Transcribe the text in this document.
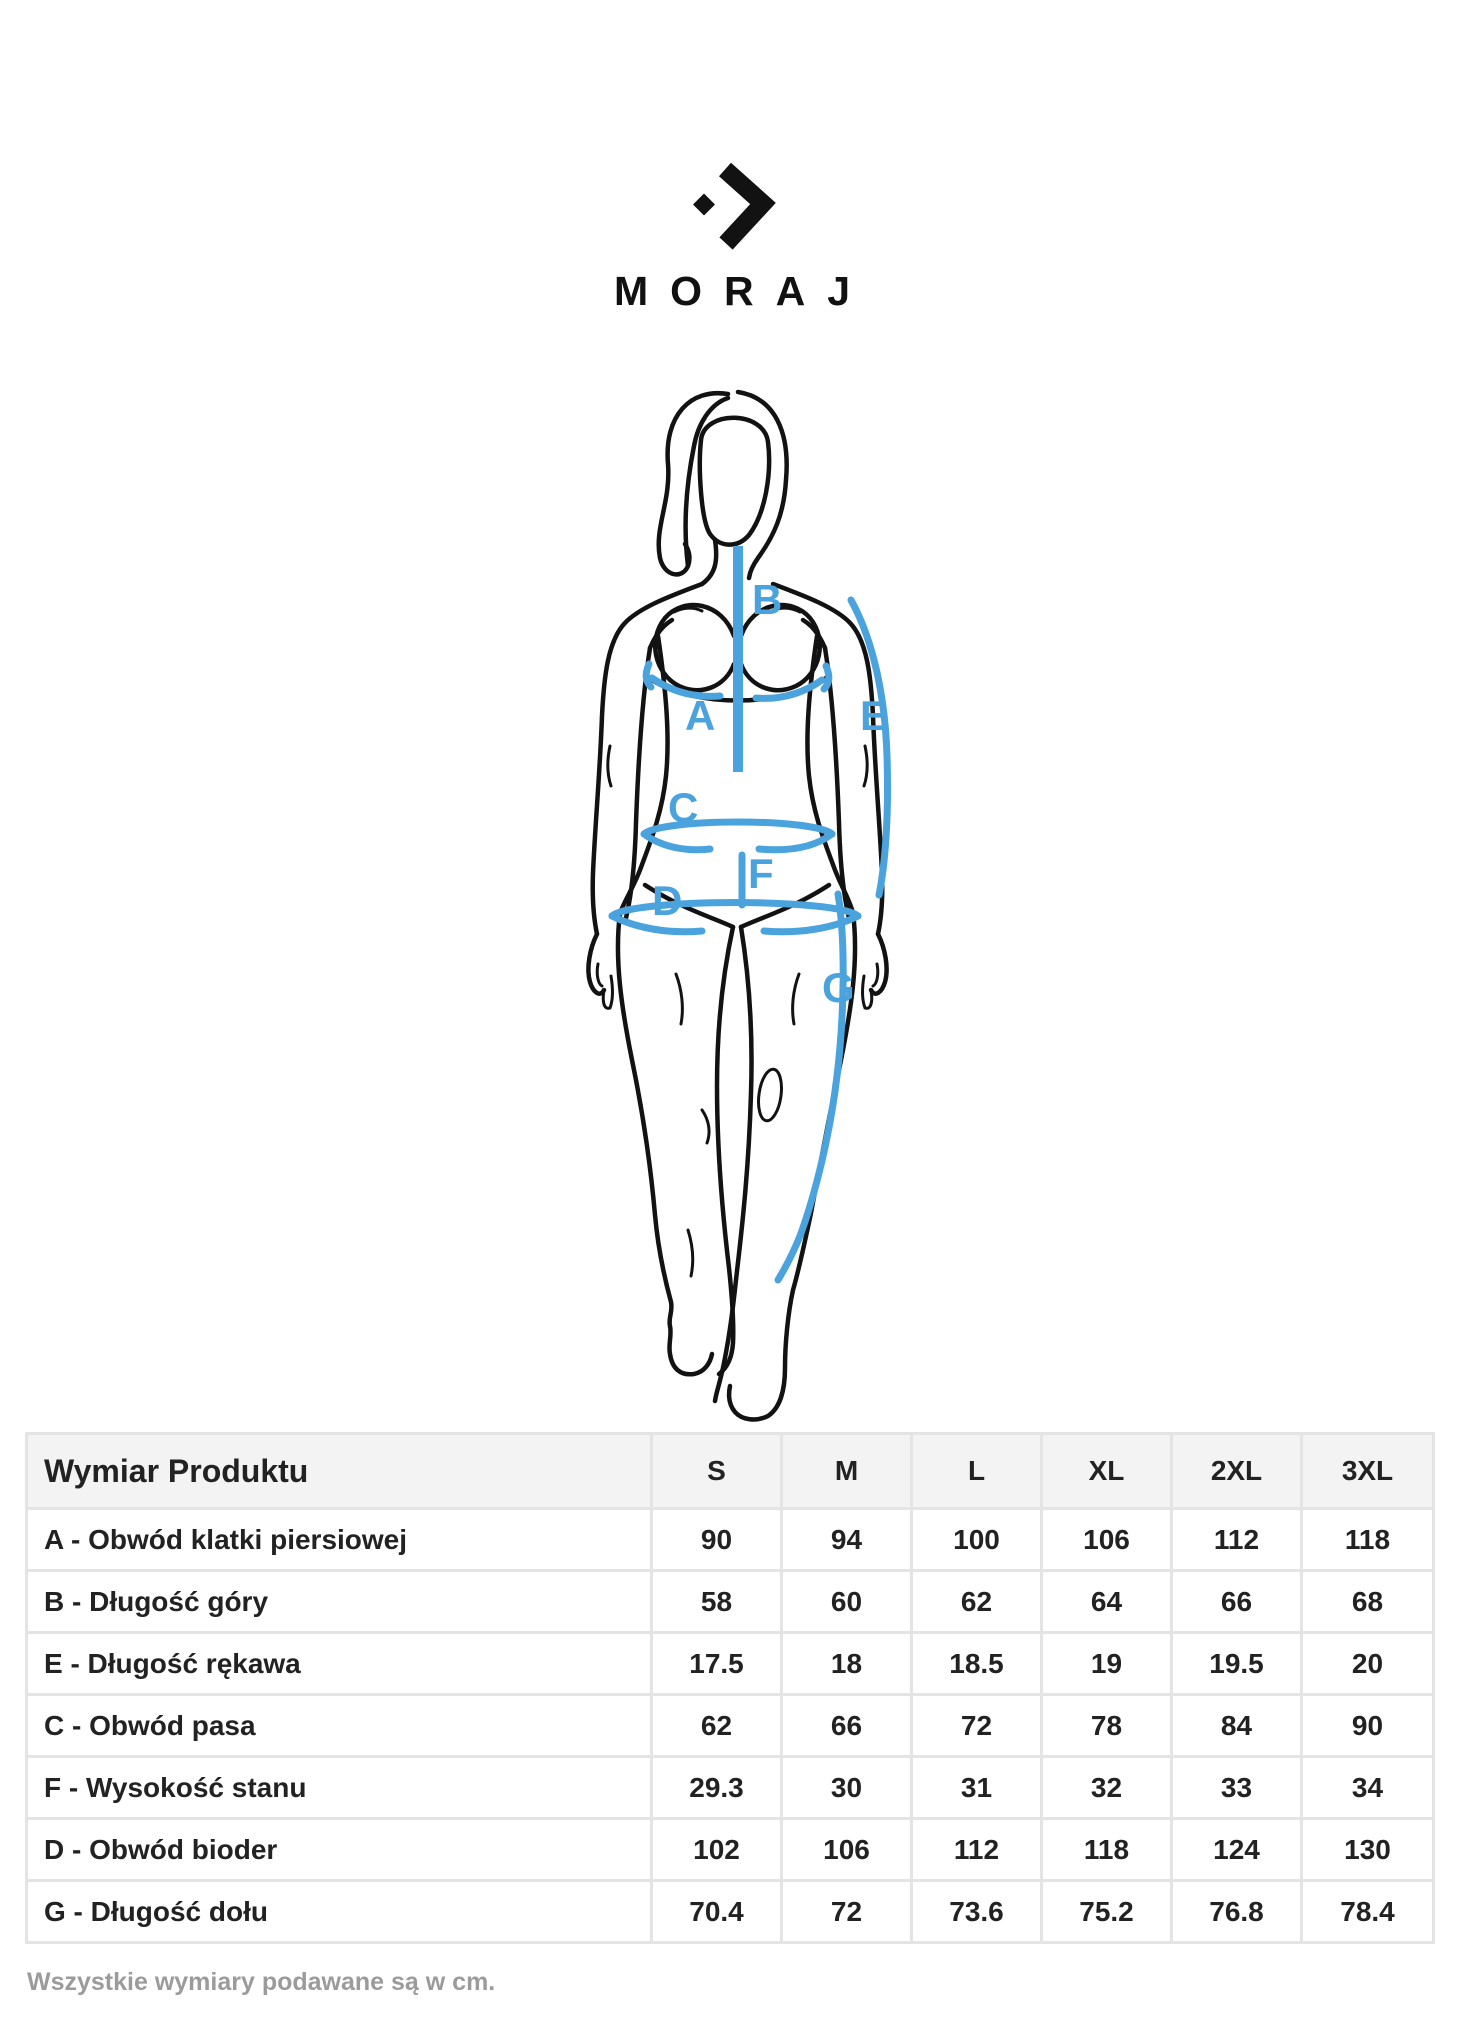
MORAJ
A
B
C
D
E
F
G
Wymiar Produktu	S	M	L	XL	2XL	3XL
A - Obwód klatki piersiowej	90	94	100	106	112	118
B - Długość góry	58	60	62	64	66	68
E - Długość rękawa	17.5	18	18.5	19	19.5	20
C - Obwód pasa	62	66	72	78	84	90
F - Wysokość stanu	29.3	30	31	32	33	34
D - Obwód bioder	102	106	112	118	124	130
G - Długość dołu	70.4	72	73.6	75.2	76.8	78.4
Wszystkie wymiary podawane są w cm.
